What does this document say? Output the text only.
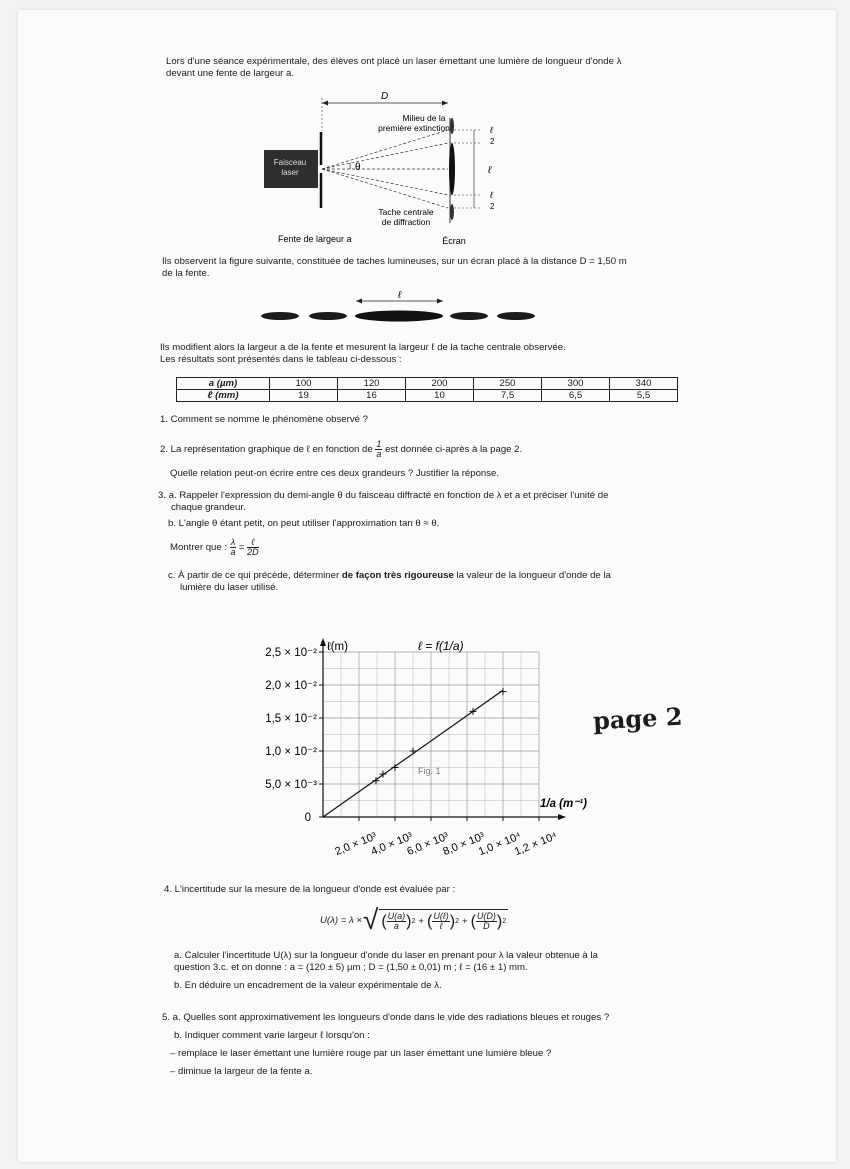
Lors d'une séance expérimentale, des élèves ont placé un laser émettant une lumière de longueur d'onde λ
devant une fente de largeur a.
D
Faisceau
laser	θ
ℓ
2
ℓ
ℓ
2
Milieu de la
première extinction
Tache centrale
de diffraction
Fente de largeur a	Écran
Ils observent la figure suivante, constituée de taches lumineuses, sur un écran placé à la distance D = 1,50 m
de la fente.
ℓ
Ils modifient alors la largeur a de la fente et mesurent la largeur ℓ de la tache centrale observée.
Les résultats sont présentés dans le tableau ci-dessous :
a (µm)	100	120	200	250	300	340
ℓ (mm)	19	16	10	7,5	6,5	5,5
1. Comment se nomme le phénomène observé ?
2. La représentation graphique de ℓ en fonction de $\frac{1}{a}$ est donnée ci-après à la page 2.
Quelle relation peut-on écrire entre ces deux grandeurs ? Justifier la réponse.
3. a. Rappeler l'expression du demi-angle θ du faisceau diffracté en fonction de λ et a et préciser l'unité de
chaque grandeur.
b. L'angle θ étant petit, on peut utiliser l'approximation tan θ ≈ θ.
Montrer que : $\frac{\lambda}{a} = \frac{\text{ℓ}}{2D}$
c. À partir de ce qui précède, déterminer de façon très rigoureuse la valeur de la longueur d'onde de la
lumière du laser utilisé.
0
5,0 × 10⁻³
1,0 × 10⁻²
1,5 × 10⁻²
2,0 × 10⁻²
2,5 × 10⁻²
2,0 × 10³
4,0 × 10³
6,0 × 10³
8,0 × 10³
1,0 × 10⁴
1,2 × 10⁴
ℓ(m)
1/a (m⁻¹)
ℓ = f(1/a)
Fig. 1
page 2
4. L'incertitude sur la mesure de la longueur d'onde est évaluée par :
U(λ) = λ × √ ( $\frac{U(a)}{a}$ ) 2 + ( $\frac{\text{U(ℓ)}}{\text{ℓ}}$ ) 2 + ( $\frac{U(D)}{D}$ ) 2
a. Calculer l'incertitude U(λ) sur la longueur d'onde du laser en prenant pour λ la valeur obtenue à la
question 3.c. et on donne : a = (120 ± 5) µm ; D = (1,50 ± 0,01) m ; ℓ = (16 ± 1) mm.
b. En déduire un encadrement de la valeur expérimentale de λ.
5. a. Quelles sont approximativement les longueurs d'onde dans le vide des radiations bleues et rouges ?
b. Indiquer comment varie largeur ℓ lorsqu'on :
– remplace le laser émettant une lumière rouge par un laser émettant une lumière bleue ?
– diminue la largeur de la fente a.
